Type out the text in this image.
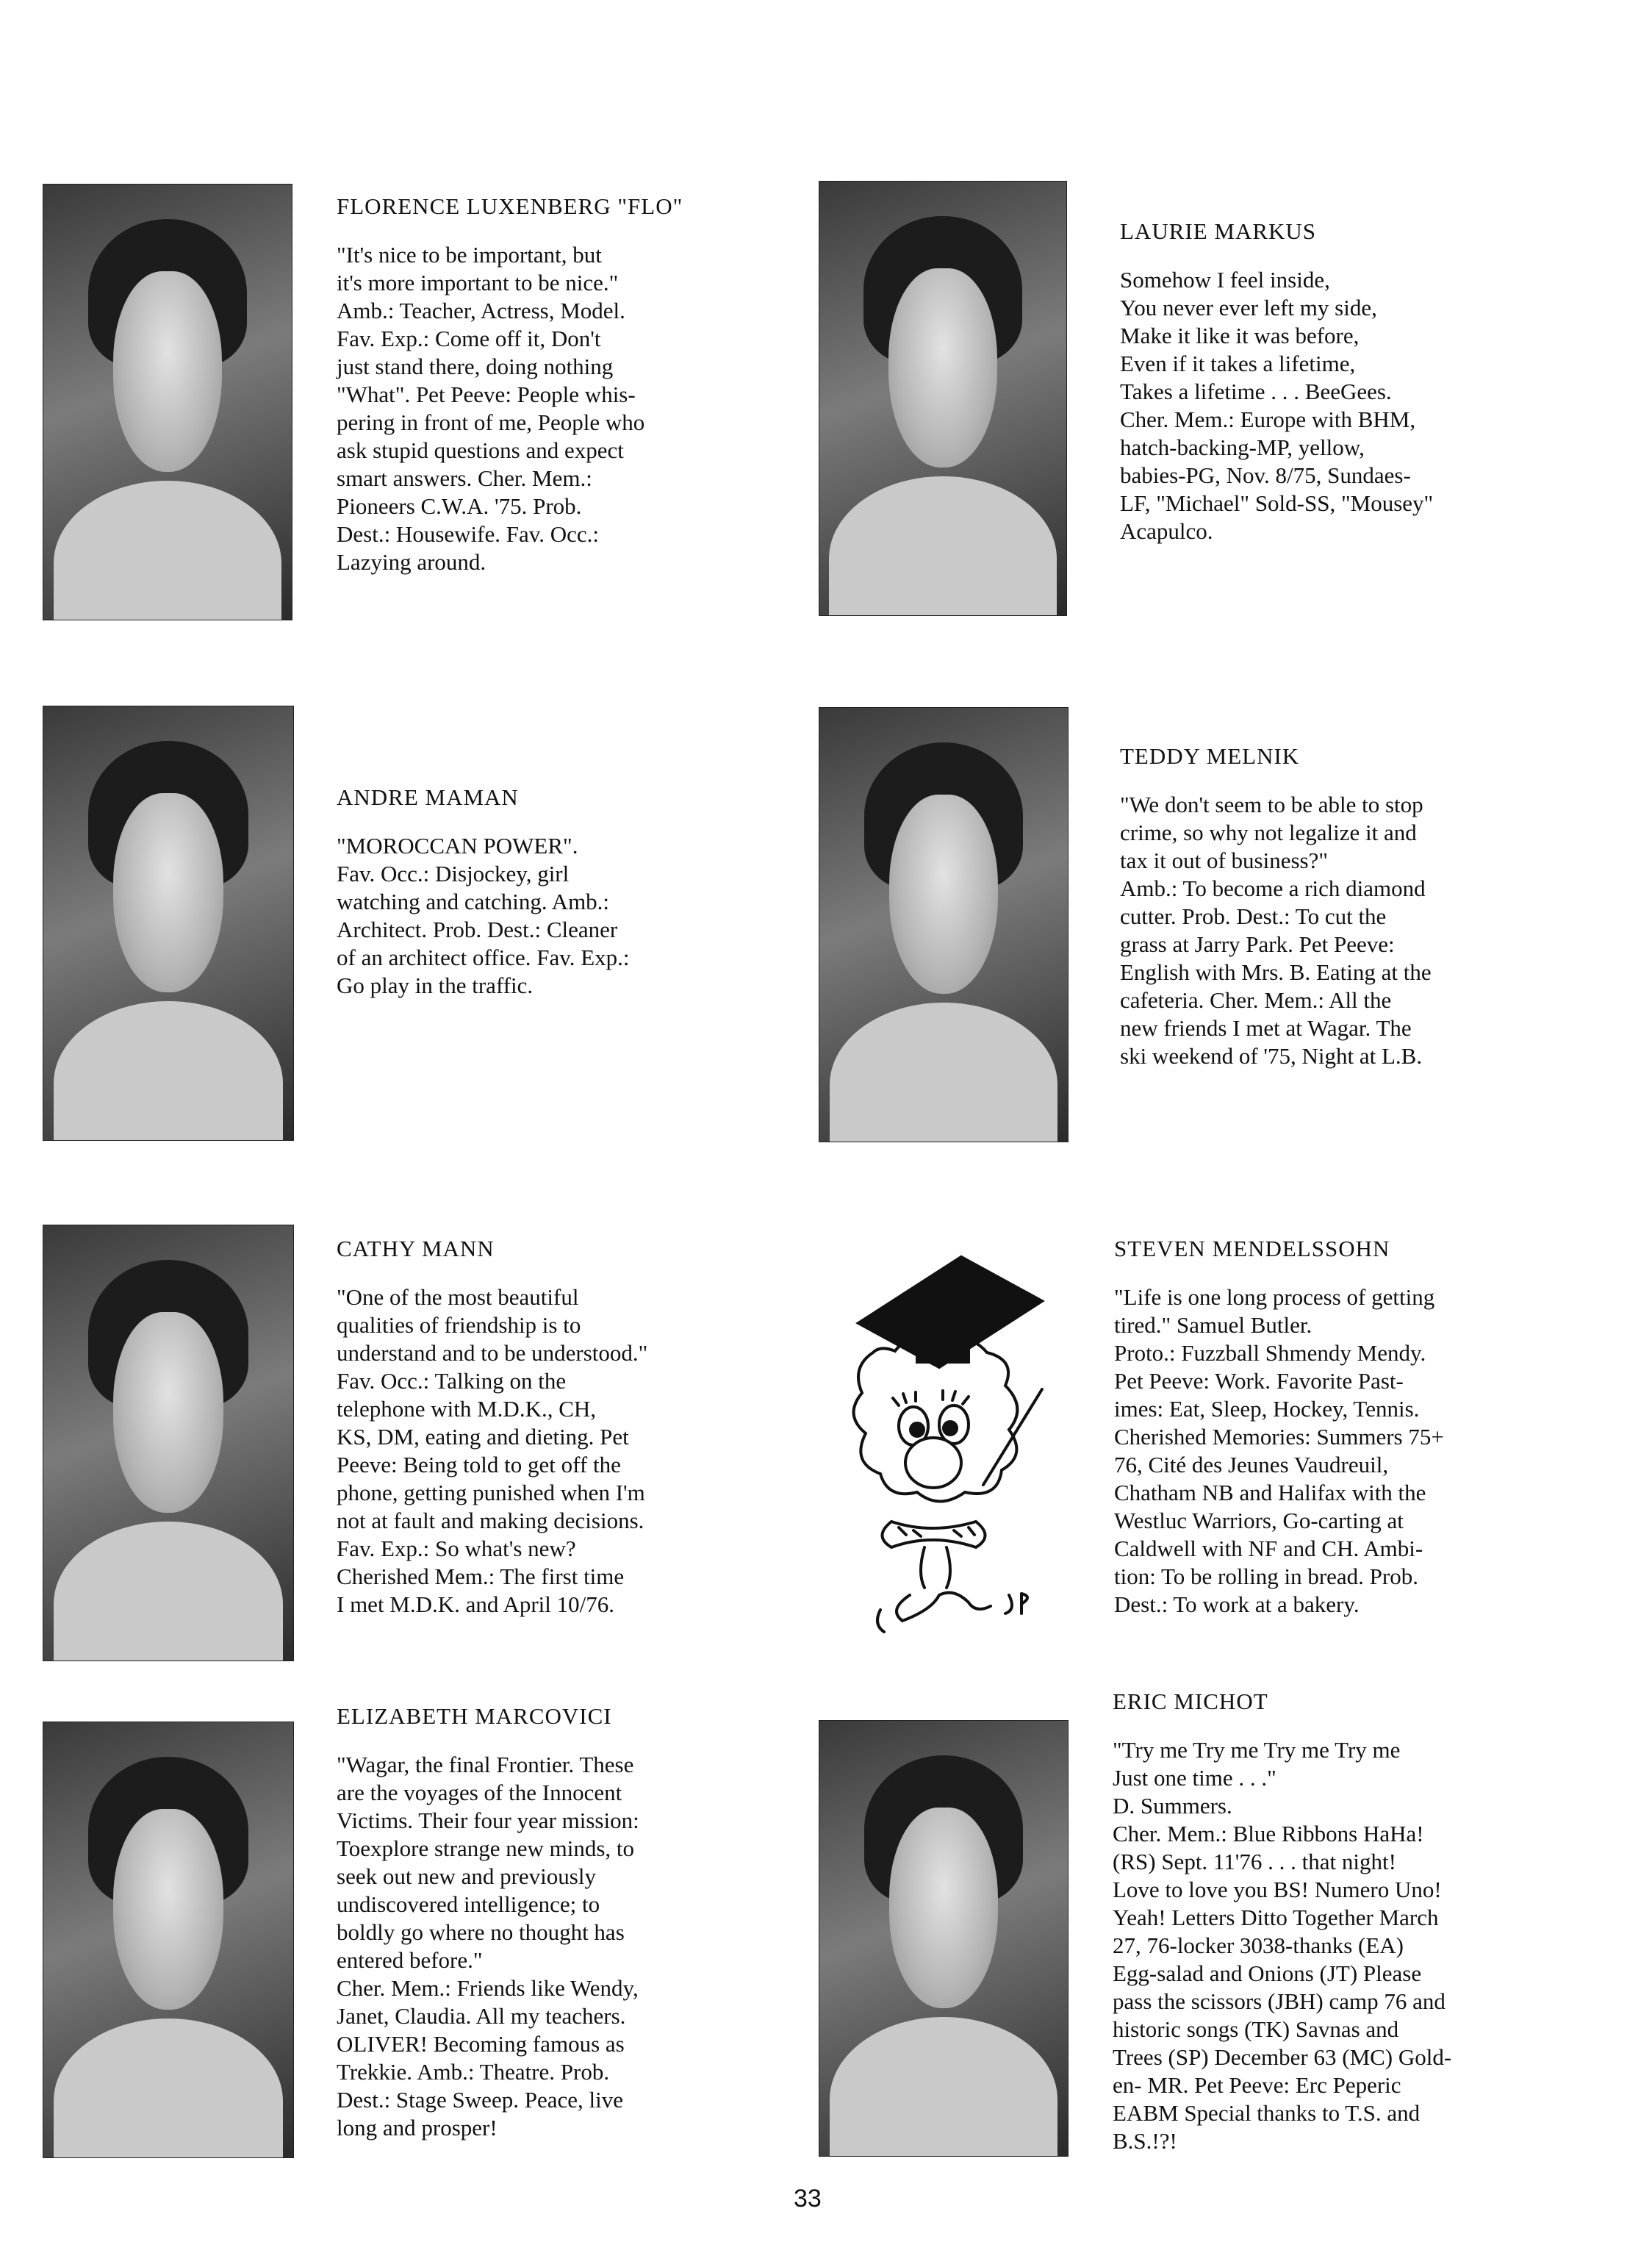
FLORENCE LUXENBERG "FLO"
"It's nice to be important, but
it's more important to be nice."
Amb.: Teacher, Actress, Model.
Fav. Exp.: Come off it, Don't
just stand there, doing nothing
"What". Pet Peeve: People whis-
pering in front of me, People who
ask stupid questions and expect
smart answers. Cher. Mem.:
Pioneers C.W.A. '75. Prob.
Dest.: Housewife. Fav. Occ.:
Lazying around.
LAURIE MARKUS
Somehow I feel inside,
You never ever left my side,
Make it like it was before,
Even if it takes a lifetime,
Takes a lifetime . . . BeeGees.
Cher. Mem.: Europe with BHM,
hatch-backing-MP, yellow,
babies-PG, Nov. 8/75, Sundaes-
LF, "Michael" Sold-SS, "Mousey"
Acapulco.
ANDRE MAMAN
"MOROCCAN POWER".
Fav. Occ.: Disjockey, girl
watching and catching. Amb.:
Architect. Prob. Dest.: Cleaner
of an architect office. Fav. Exp.:
Go play in the traffic.
TEDDY MELNIK
"We don't seem to be able to stop
crime, so why not legalize it and
tax it out of business?"
Amb.: To become a rich diamond
cutter. Prob. Dest.: To cut the
grass at Jarry Park. Pet Peeve:
English with Mrs. B. Eating at the
cafeteria. Cher. Mem.: All the
new friends I met at Wagar. The
ski weekend of '75, Night at L.B.
CATHY MANN
"One of the most beautiful
qualities of friendship is to
understand and to be understood."
Fav. Occ.: Talking on the
telephone with M.D.K., CH,
KS, DM, eating and dieting. Pet
Peeve: Being told to get off the
phone, getting punished when I'm
not at fault and making decisions.
Fav. Exp.: So what's new?
Cherished Mem.: The first time
I met M.D.K. and April 10/76.
STEVEN MENDELSSOHN
"Life is one long process of getting
tired." Samuel Butler.
Proto.: Fuzzball Shmendy Mendy.
Pet Peeve: Work. Favorite Past-
imes: Eat, Sleep, Hockey, Tennis.
Cherished Memories: Summers 75+
76, Cité des Jeunes Vaudreuil,
Chatham NB and Halifax with the
Westluc Warriors, Go-carting at
Caldwell with NF and CH. Ambi-
tion: To be rolling in bread. Prob.
Dest.: To work at a bakery.
ELIZABETH MARCOVICI
"Wagar, the final Frontier. These
are the voyages of the Innocent
Victims. Their four year mission:
Toexplore strange new minds, to
seek out new and previously
undiscovered intelligence; to
boldly go where no thought has
entered before."
Cher. Mem.: Friends like Wendy,
Janet, Claudia. All my teachers.
OLIVER! Becoming famous as
Trekkie. Amb.: Theatre. Prob.
Dest.: Stage Sweep. Peace, live
long and prosper!
ERIC MICHOT
"Try me Try me Try me Try me
Just one time . . ."
D. Summers.
Cher. Mem.: Blue Ribbons HaHa!
(RS) Sept. 11'76 . . . that night!
Love to love you BS! Numero Uno!
Yeah! Letters Ditto Together March
27, 76-locker 3038-thanks (EA)
Egg-salad and Onions (JT) Please
pass the scissors (JBH) camp 76 and
historic songs (TK) Savnas and
Trees (SP) December 63 (MC) Gold-
en- MR. Pet Peeve: Erc Peperic
EABM Special thanks to T.S. and
B.S.!?!
33
